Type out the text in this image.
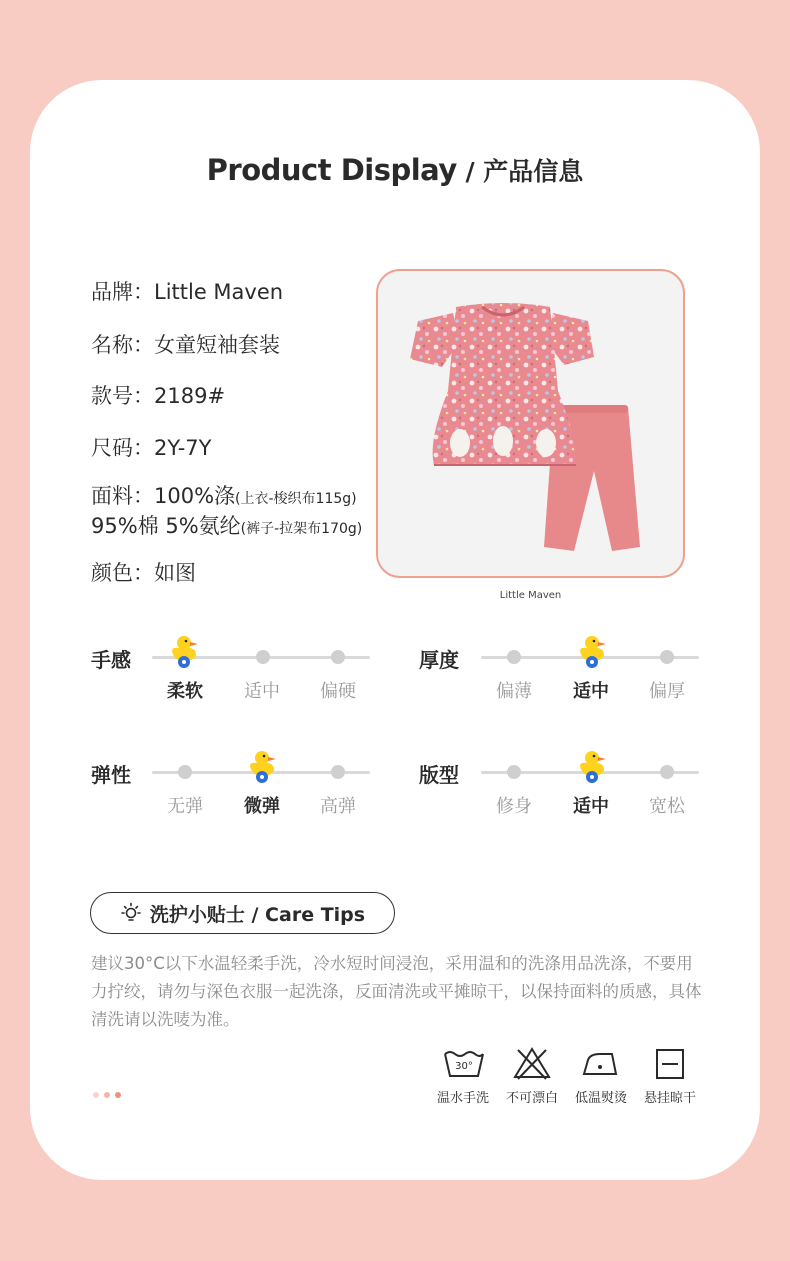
Product Display / 产品信息
品牌：Little Maven
名称：女童短袖套装
款号：2189#
尺码：2Y-7Y
面料：100%涤(上衣-梭织布115g)
95%棉 5%氨纶(裤子-拉架布170g)
颜色：如图
Little Maven
手感
柔软	适中	偏硬
厚度
偏薄	适中	偏厚
弹性
无弹	微弹	高弹
版型
修身	适中	宽松
洗护小贴士 / Care Tips
建议30°C以下水温轻柔手洗，冷水短时间浸泡，采用温和的洗涤用品洗涤，不要用力拧绞，请勿与深色衣服一起洗涤，反面清洗或平摊晾干，以保持面料的质感，具体清洗请以洗唛为准。
30°
温水手洗	不可漂白	低温熨烫	悬挂晾干
